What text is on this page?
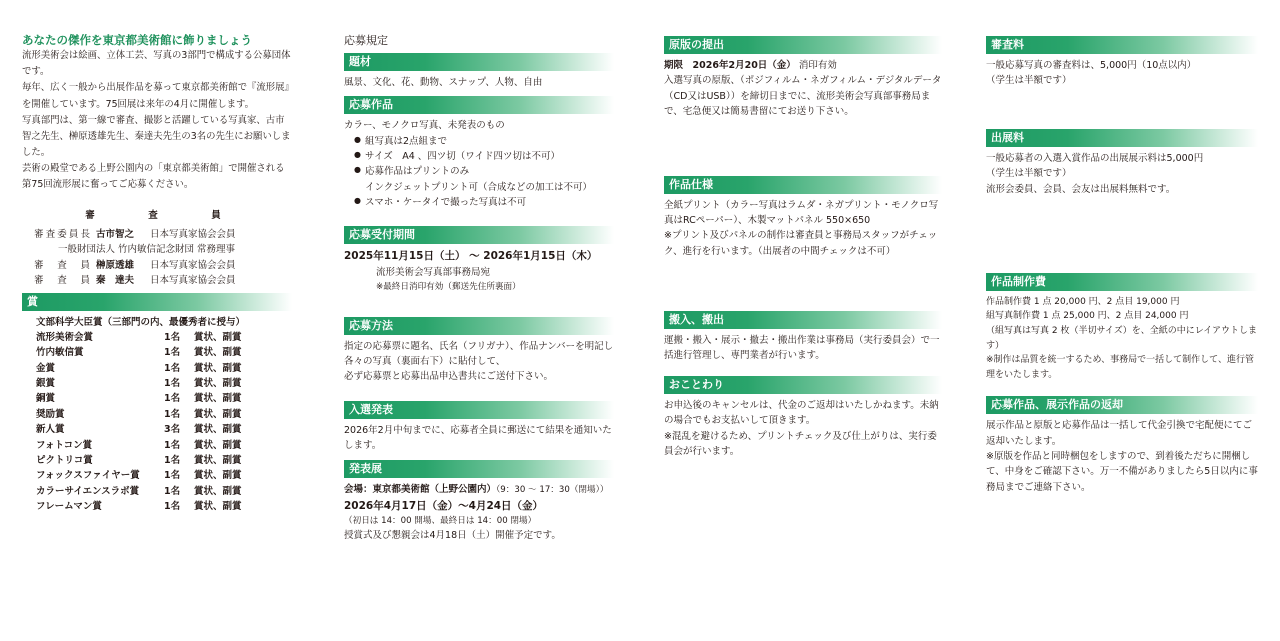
あなたの傑作を東京都美術館に飾りましょう
流形美術会は絵画、立体工芸、写真の3部門で構成する公募団体です。
毎年、広く一般から出展作品を募って東京都美術館で『流形展』を開催しています。75回展は来年の4月に開催します。
写真部門は、第一線で審査、撮影と活躍している写真家、古市智之先生、榊原透雄先生、秦達夫先生の3名の先生にお願いしました。
芸術の殿堂である上野公園内の「東京都美術館」で開催される第75回流形展に奮ってご応募ください。
審　査　員
審査委員長 古市智之	日本写真家協会会員
一般財団法人 竹内敏信記念財団 常務理事
審査員 榊原透雄	日本写真家協会会員
審査員 秦　達夫	日本写真家協会会員
賞
文部科学大臣賞（三部門の内、最優秀者に授与）
流形美術会賞	1名	賞状、副賞
竹内敏信賞	1名	賞状、副賞
金賞	1名	賞状、副賞
銀賞	1名	賞状、副賞
銅賞	1名	賞状、副賞
奨励賞	1名	賞状、副賞
新人賞	3名	賞状、副賞
フォトコン賞	1名	賞状、副賞
ピクトリコ賞	1名	賞状、副賞
フォックスファイヤー賞	1名	賞状、副賞
カラーサイエンスラボ賞	1名	賞状、副賞
フレームマン賞	1名	賞状、副賞
応募規定
題材
風景、文化、花、動物、スナップ、人物、自由
応募作品
カラー、モノクロ写真、未発表のもの
● 組写真は2点組まで
● サイズ　A4 、四ツ切（ワイド四ツ切は不可）
● 応募作品はプリントのみ
インクジェットプリント可（合成などの加工は不可）
● スマホ・ケータイで撮った写真は不可
応募受付期間
2025年11月15日（土） 〜 2026年1月15日（木）
流形美術会写真部事務局宛
※最終日消印有効（郵送先住所裏面）
応募方法
指定の応募票に題名、氏名（フリガナ）、作品ナンバーを明記し各々の写真（裏面右下）に貼付して、
必ず応募票と応募出品申込書共にご送付下さい。
入選発表
2026年2月中旬までに、応募者全員に郵送にて結果を通知いたします。
発表展
会場：東京都美術館（上野公園内）（9：30 〜 17：30（閉場））
2026年4月17日（金）〜4月24日（金）
（初日は 14：00 開場、最終日は 14：00 閉場）
授賞式及び懇親会は4月18日（土）開催予定です。
原版の提出
期限　 2026年2月20日（金） 消印有効
入選写真の原版、（ポジフィルム・ネガフィルム・デジタルデータ（CD又はUSB））を締切日までに、流形美術会写真部事務局まで、宅急便又は簡易書留にてお送り下さい。
作品仕様
全紙プリント（カラー写真はラムダ・ネガプリント・モノクロ写真はRCペーパー）、木製マットパネル 550×650
※プリント及びパネルの制作は審査員と事務局スタッフがチェック、進行を行います。（出展者の中間チェックは不可）
搬入、搬出
運搬・搬入・展示・撤去・搬出作業は事務局（実行委員会）で一括進行管理し、専門業者が行います。
おことわり
お申込後のキャンセルは、代金のご返却はいたしかねます。未納の場合でもお支払いして頂きます。
※混乱を避けるため、プリントチェック及び仕上がりは、実行委員会が行います。
審査料
一般応募写真の審査料は、5,000円（10点以内）
（学生は半額です）
出展料
一般応募者の入選入賞作品の出展展示料は5,000円
（学生は半額です）
流形会委員、会員、会友は出展料無料です。
作品制作費
作品制作費 1 点 20,000 円、2 点目 19,000 円
組写真制作費 1 点 25,000 円、2 点目 24,000 円
（組写真は写真 2 枚（半切サイズ）を、全紙の中にレイアウトします）
※制作は品質を統一するため、事務局で一括して制作して、進行管理をいたします。
応募作品、展示作品の返却
展示作品と原版と応募作品は一括して代金引換で宅配便にてご返却いたします。
※原版を作品と同時梱包をしますので、到着後ただちに開梱して、中身をご確認下さい。万一不備がありましたら5日以内に事務局までご連絡下さい。
